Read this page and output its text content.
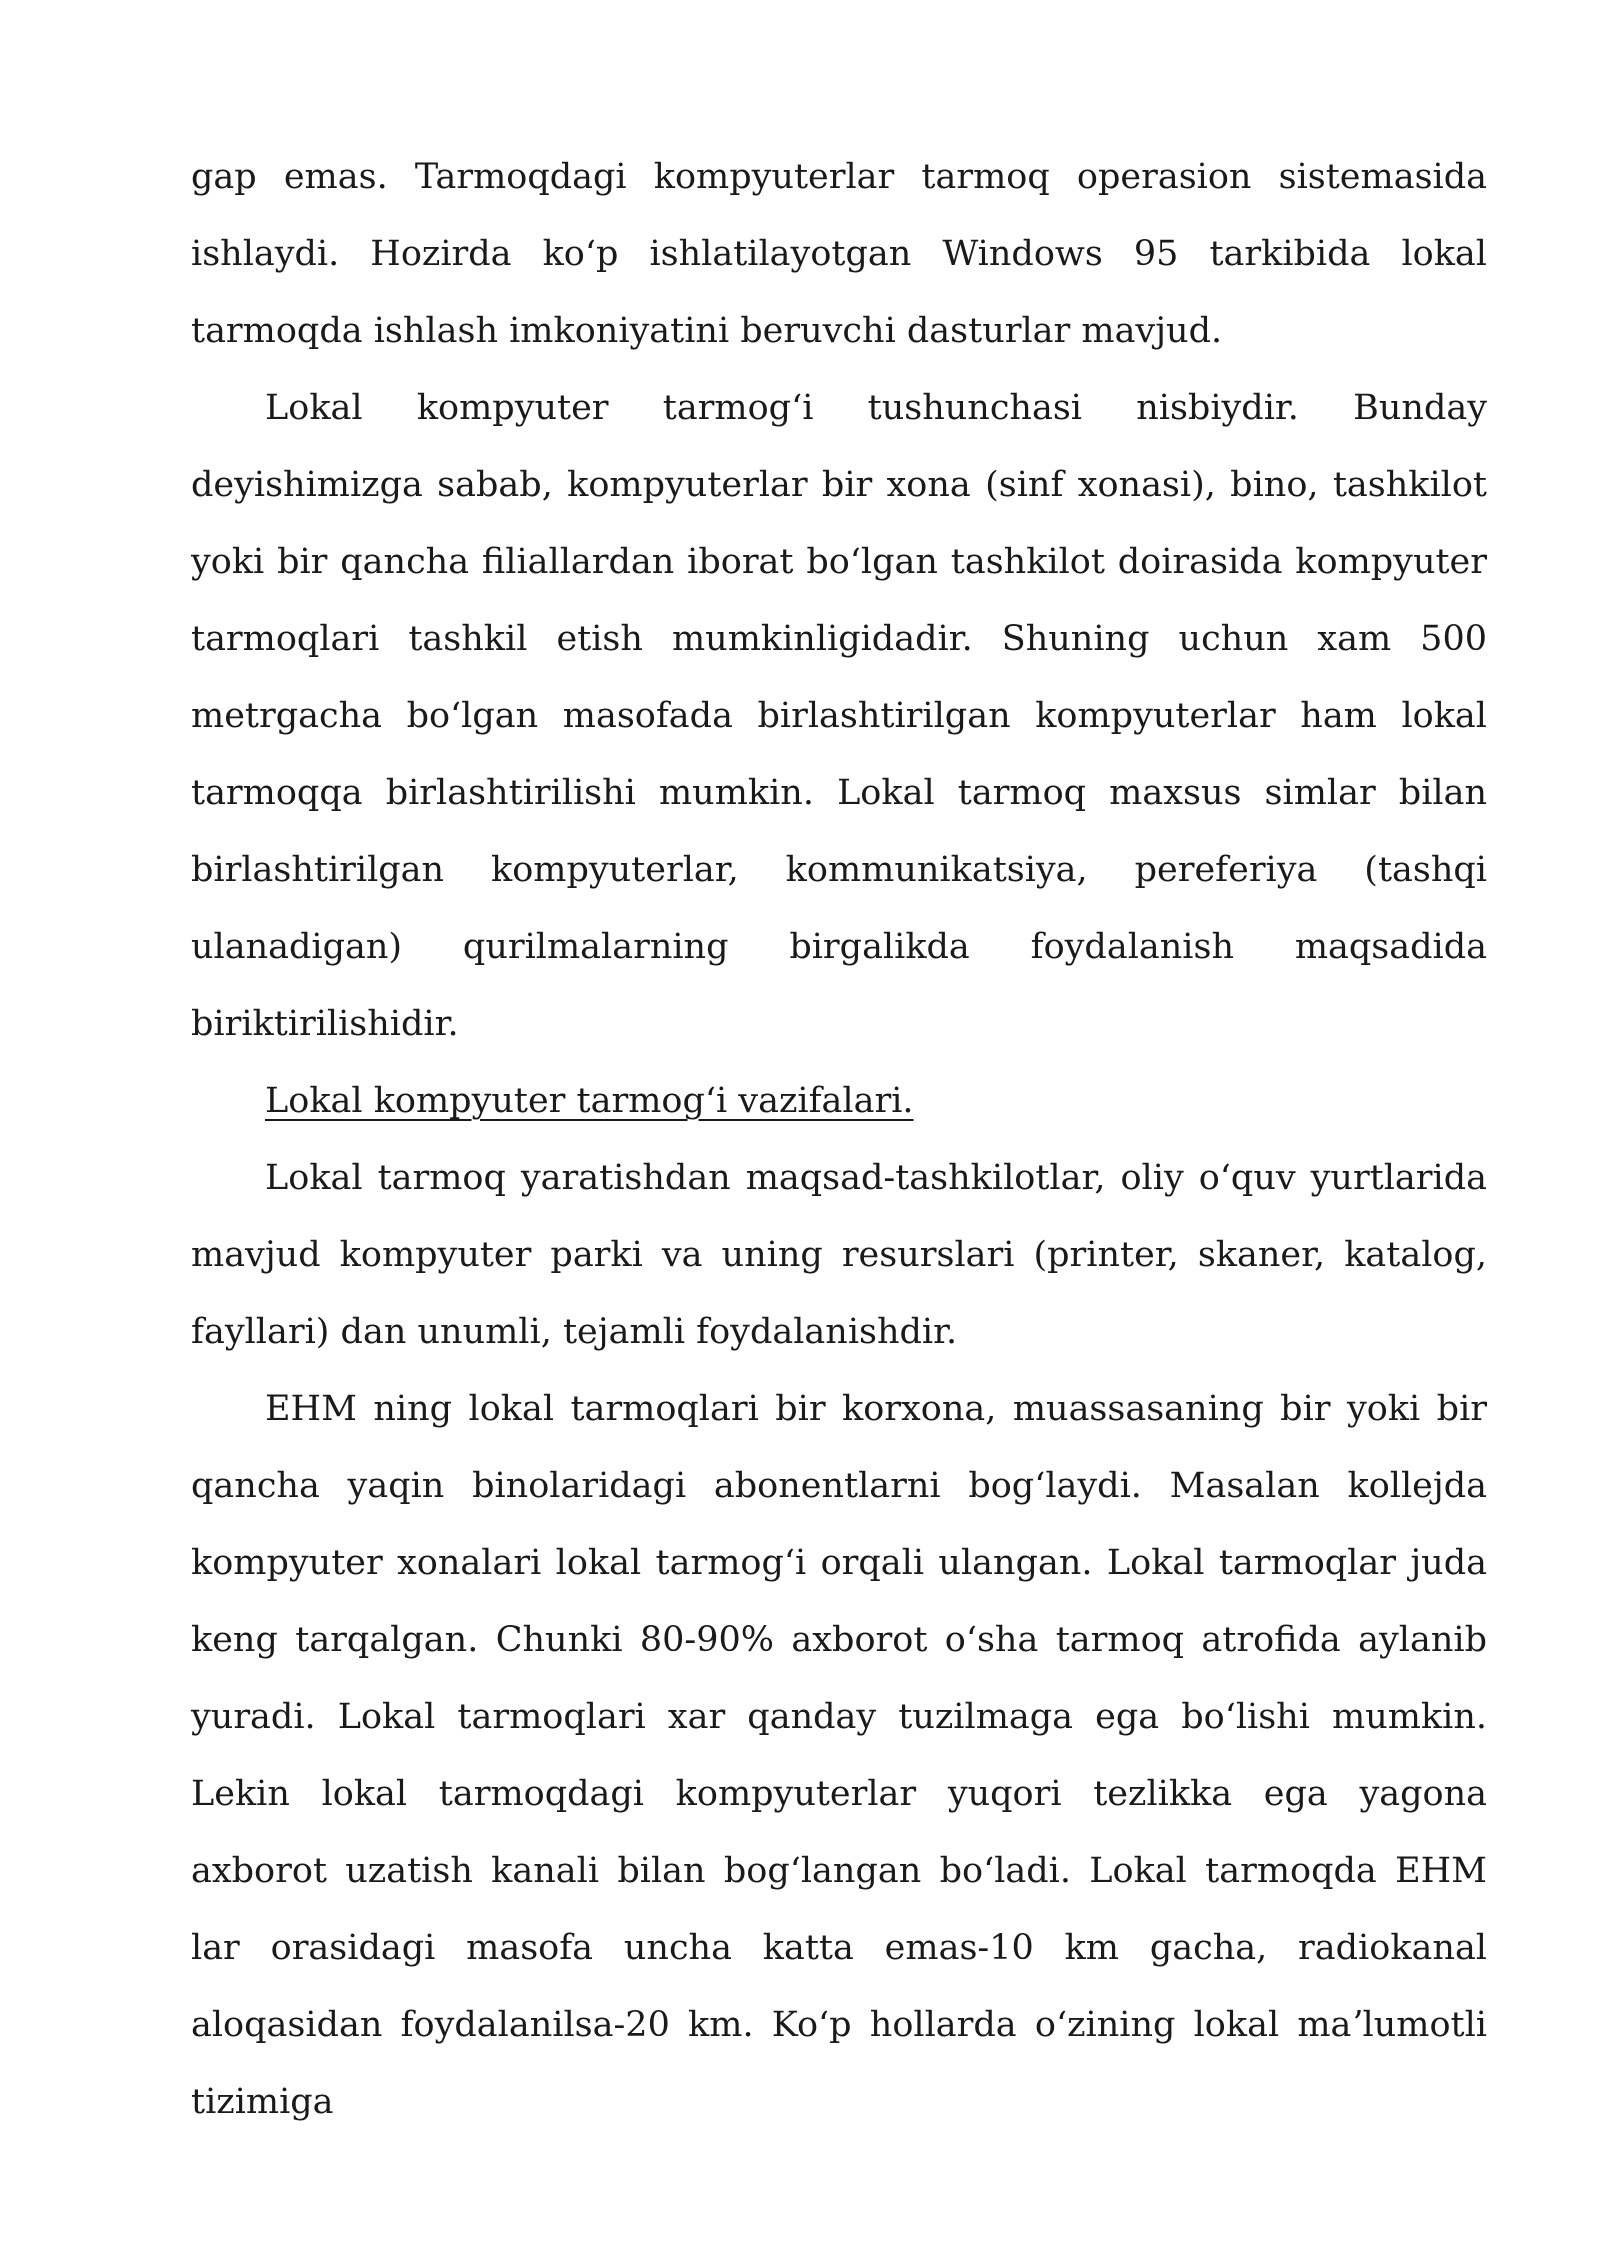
gap emas. Tarmoqdagi kompyuterlar tarmoq operasion sistemasida ishlaydi. Hozirda koʻp ishlatilayotgan Windows 95 tarkibida lokal tarmoqda ishlash imkoniyatini beruvchi dasturlar mavjud.

Lokal kompyuter tarmogʻi tushunchasi nisbiydir. Bunday deyishimizga sabab, kompyuterlar bir xona (sinf xonasi), bino, tashkilot yoki bir qancha filiallardan iborat boʻlgan tashkilot doirasida kompyuter tarmoqlari tashkil etish mumkinligidadir. Shuning uchun xam 500 metrgacha boʻlgan masofada birlashtirilgan kompyuterlar ham lokal tarmoqqa birlashtirilishi mumkin. Lokal tarmoq maxsus simlar bilan birlashtirilgan kompyuterlar, kommunikatsiya, pereferiya (tashqi ulanadigan) qurilmalarning birgalikda foydalanish maqsadida biriktirilishidir.

Lokal kompyuter tarmogʻi vazifalari.

Lokal tarmoq yaratishdan maqsad-tashkilotlar, oliy oʻquv yurtlarida mavjud kompyuter parki va uning resurslari (printer, skaner, katalog, fayllari) dan unumli, tejamli foydalanishdir.

EHM ning lokal tarmoqlari bir korxona, muassasaning bir yoki bir qancha yaqin binolaridagi abonentlarni bogʻlaydi. Masalan kollejda kompyuter xonalari lokal tarmogʻi orqali ulangan. Lokal tarmoqlar juda keng tarqalgan. Chunki 80-90% axborot oʻsha tarmoq atrofida aylanib yuradi. Lokal tarmoqlari xar qanday tuzilmaga ega boʻlishi mumkin. Lekin lokal tarmoqdagi kompyuterlar yuqori tezlikka ega yagona axborot uzatish kanali bilan bogʻlangan boʻladi. Lokal tarmoqda EHM lar orasidagi masofa uncha katta emas-10 km gacha, radiokanal aloqasidan foydalanilsa-20 km. Koʻp hollarda oʻzining lokal maʼlumotli tizimiga
